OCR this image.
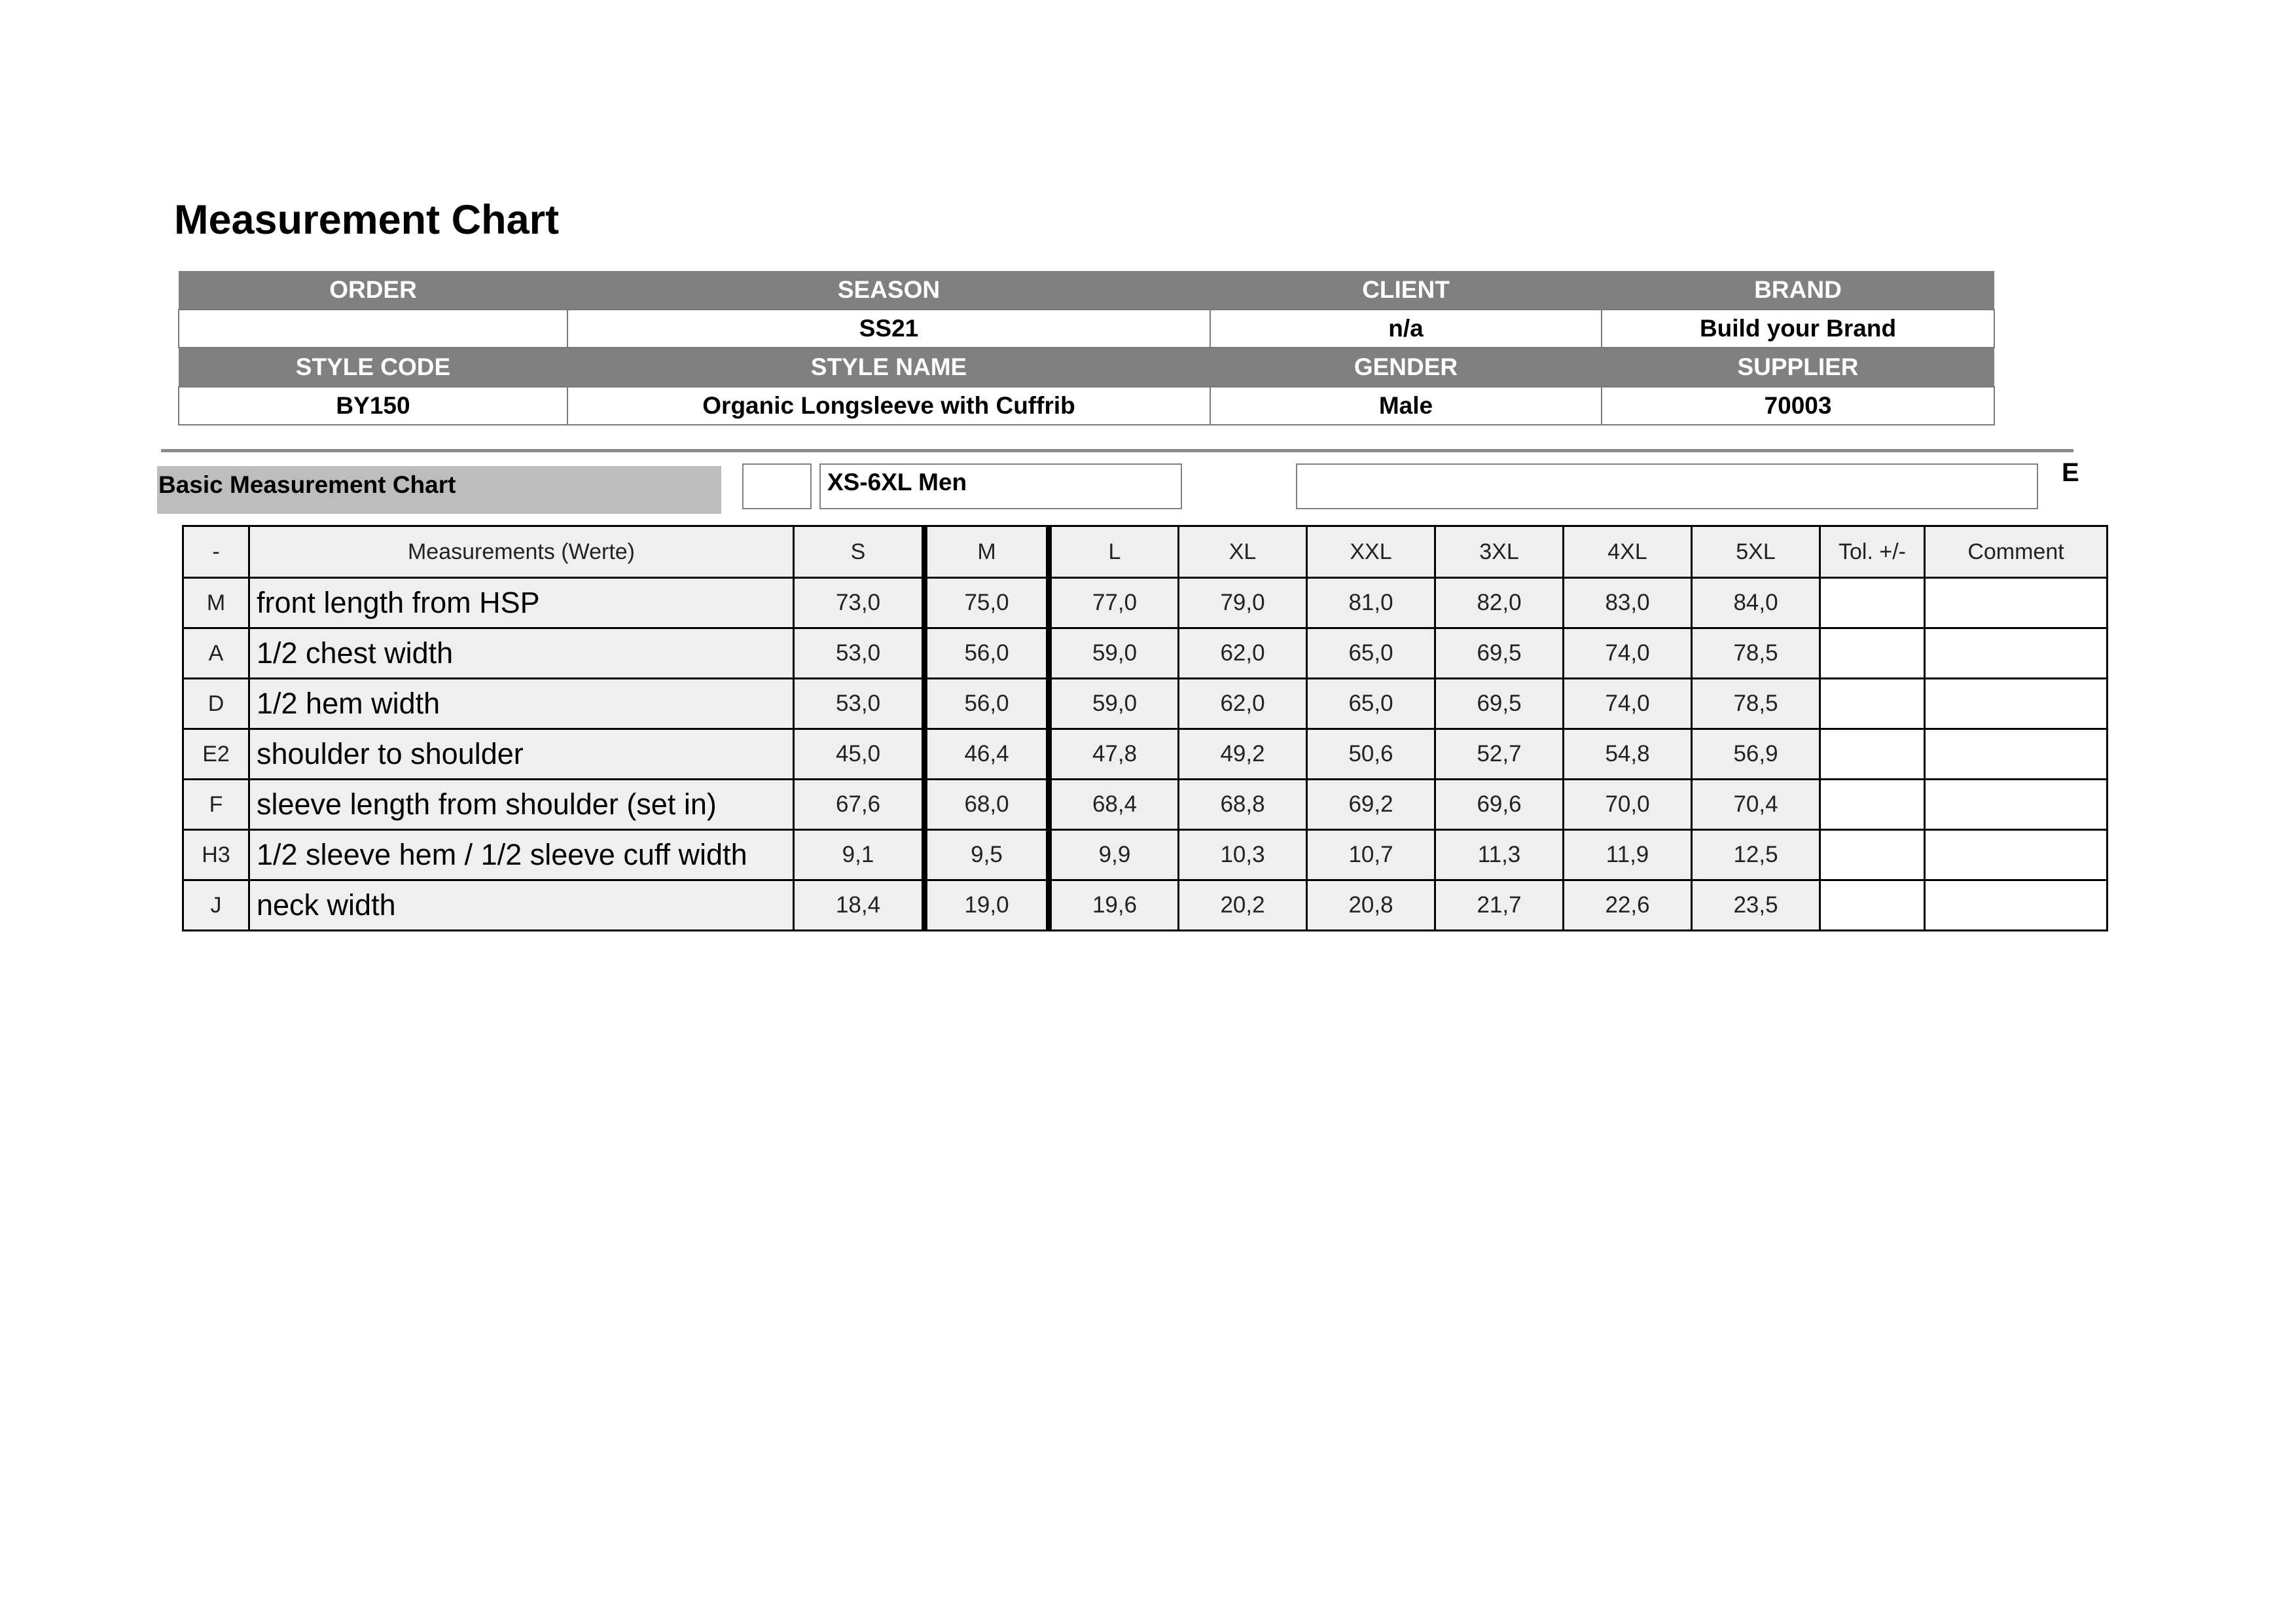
Measurement Chart
ORDER	SEASON	CLIENT	BRAND
	SS21	n/a	Build your Brand
STYLE CODE	STYLE NAME	GENDER	SUPPLIER
BY150	Organic Longsleeve with Cuffrib	Male	70003
Basic Measurement Chart	XS-6XL Men	E
-	Measurements (Werte)	S	M	L	XL	XXL	3XL	4XL	5XL	Tol. +/-	Comment
M	front length from HSP	73,0	75,0	77,0	79,0	81,0	82,0	83,0	84,0		
A	1/2 chest width	53,0	56,0	59,0	62,0	65,0	69,5	74,0	78,5		
D	1/2 hem width	53,0	56,0	59,0	62,0	65,0	69,5	74,0	78,5		
E2	shoulder to shoulder	45,0	46,4	47,8	49,2	50,6	52,7	54,8	56,9		
F	sleeve length from shoulder (set in)	67,6	68,0	68,4	68,8	69,2	69,6	70,0	70,4		
H3	1/2 sleeve hem / 1/2 sleeve cuff width	9,1	9,5	9,9	10,3	10,7	11,3	11,9	12,5		
J	neck width	18,4	19,0	19,6	20,2	20,8	21,7	22,6	23,5		
